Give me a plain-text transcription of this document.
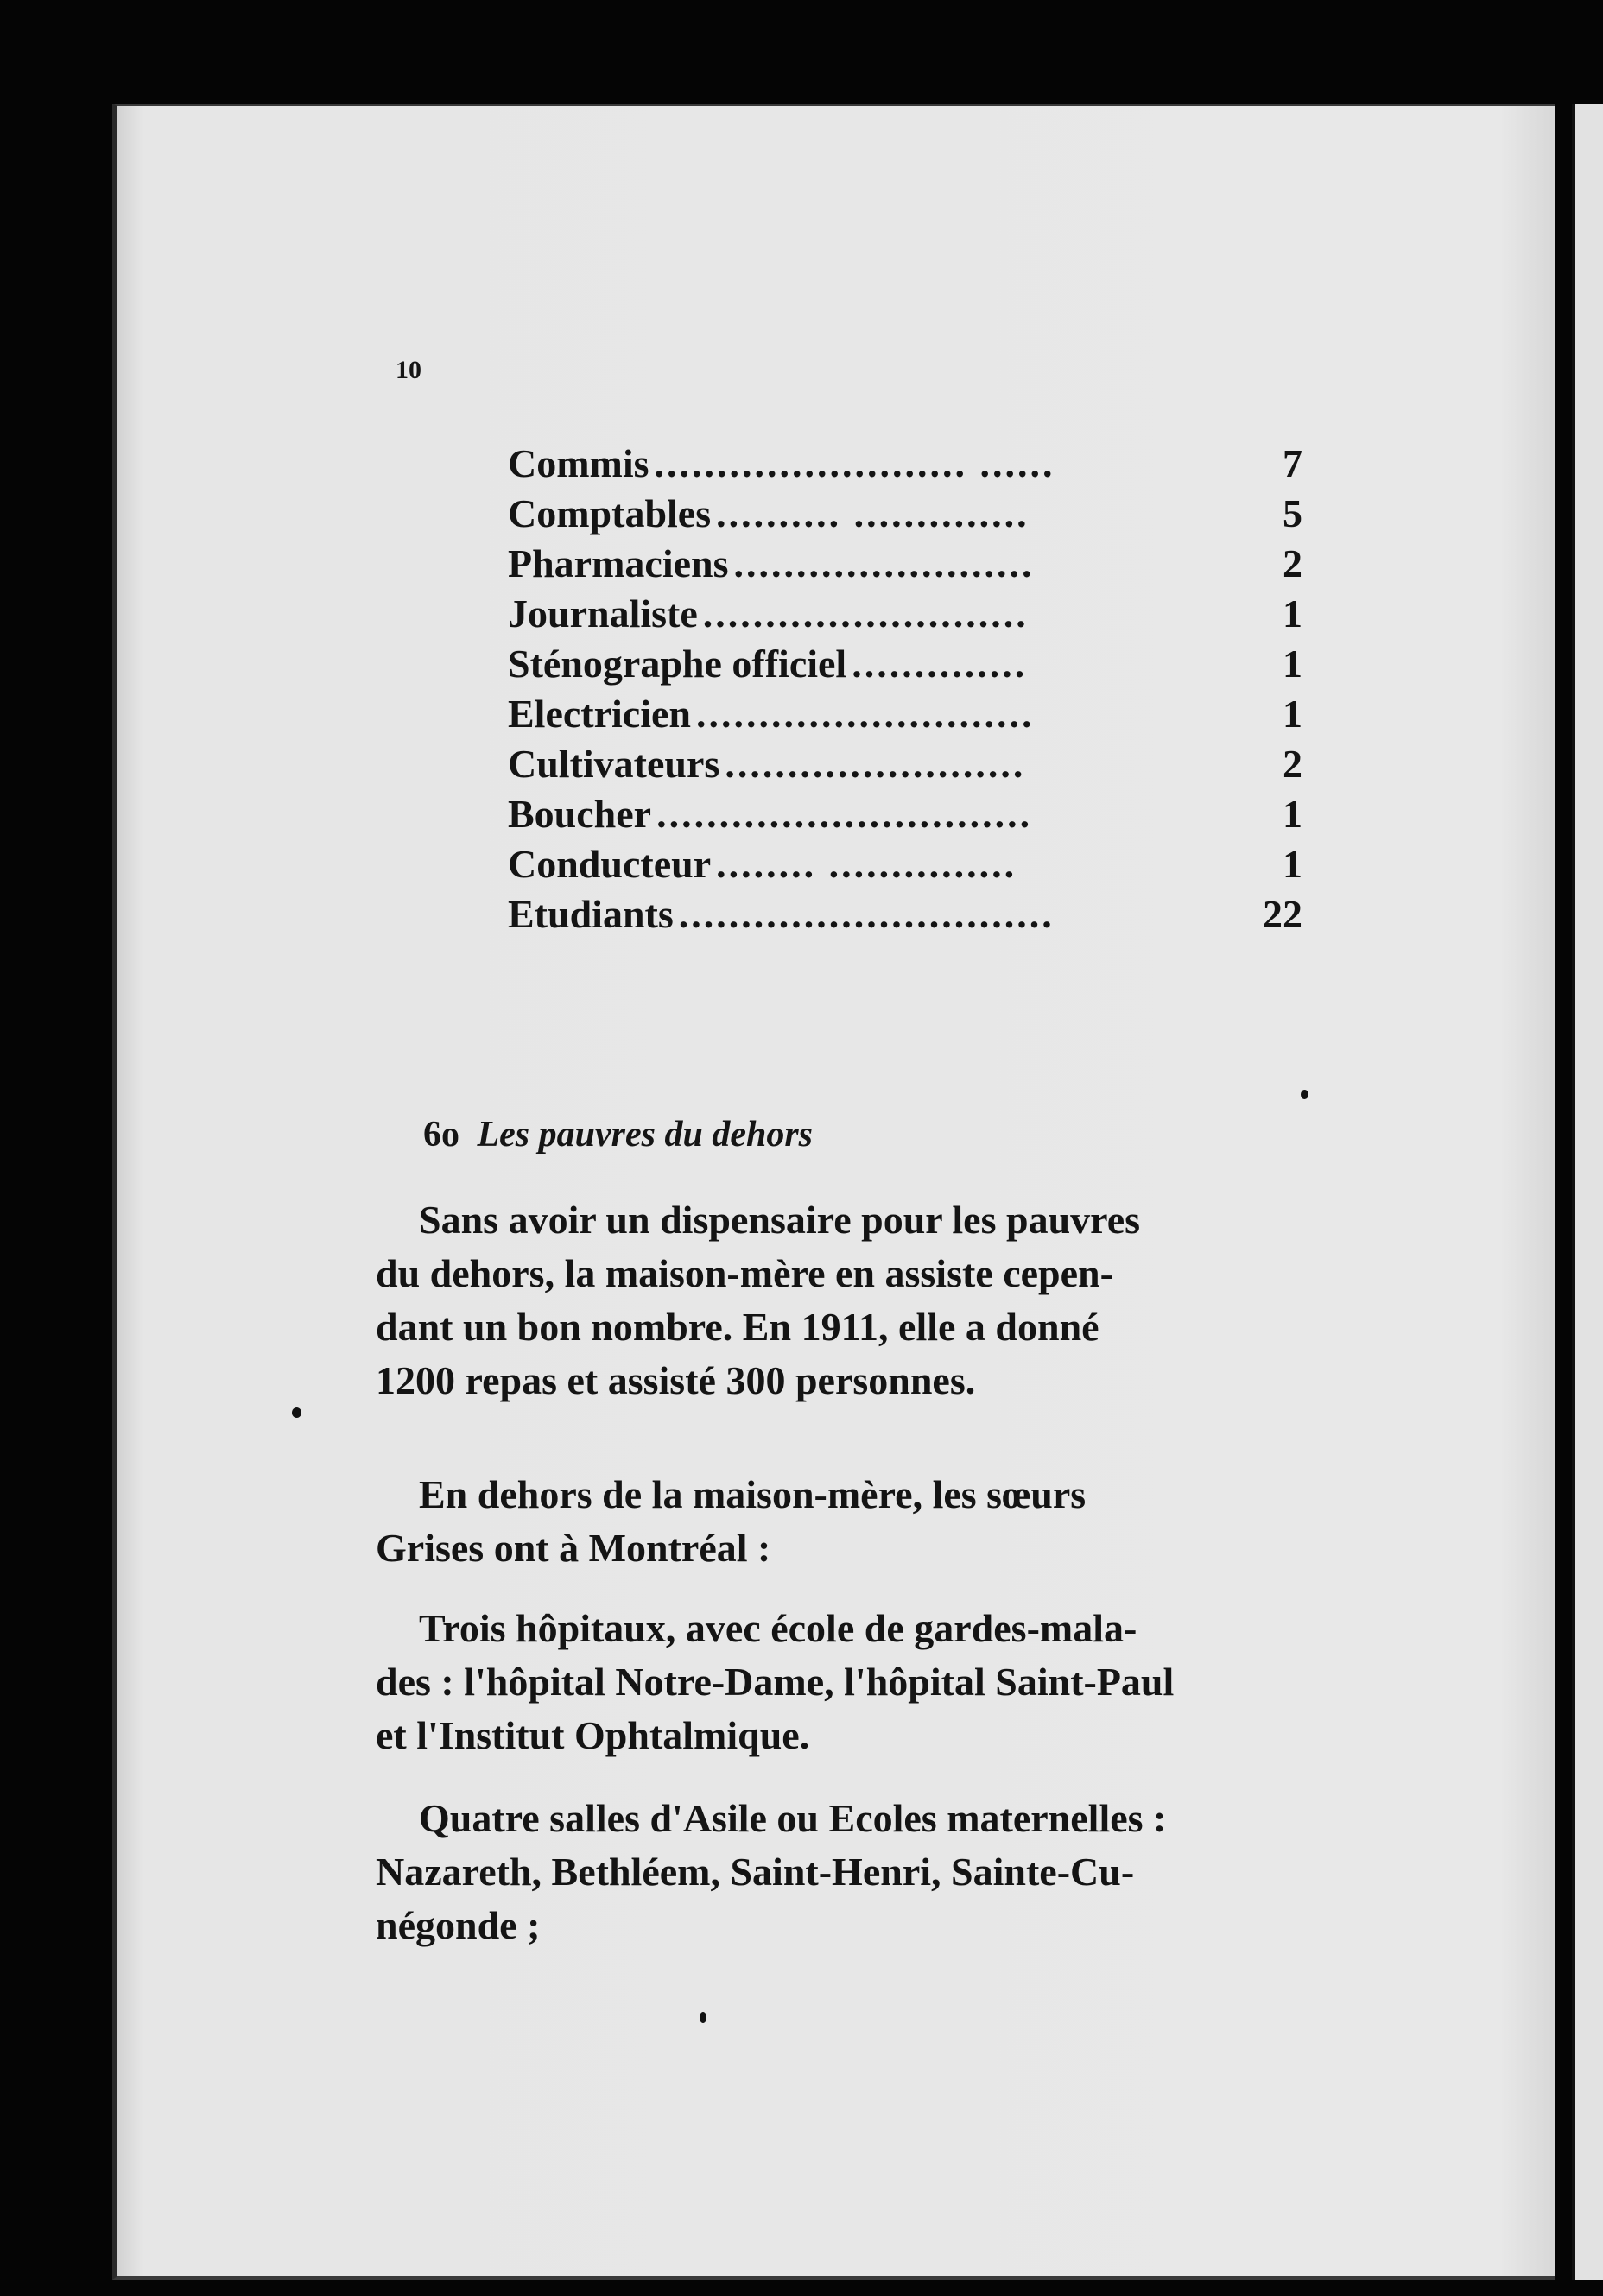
10
Commis ......................... ......	7
Comptables .......... ..............	5
Pharmaciens ........................	2
Journaliste ..........................	1
Sténographe officiel ..............	1
Electricien ...........................	1
Cultivateurs ........................	2
Boucher ..............................	1
Conducteur ........ ...............	1
Etudiants ..............................	22
6o Les pauvres du dehors

Sans avoir un dispensaire pour les pauvres
du dehors, la maison-mère en assiste cepen-
dant un bon nombre. En 1911, elle a donné
1200 repas et assisté 300 personnes.

En dehors de la maison-mère, les sœurs
Grises ont à Montréal :

Trois hôpitaux, avec école de gardes-mala-
des : l'hôpital Notre-Dame, l'hôpital Saint-Paul
et l'Institut Ophtalmique.

Quatre salles d'Asile ou Ecoles maternelles :
Nazareth, Bethléem, Saint-Henri, Sainte-Cu-
négonde ;
